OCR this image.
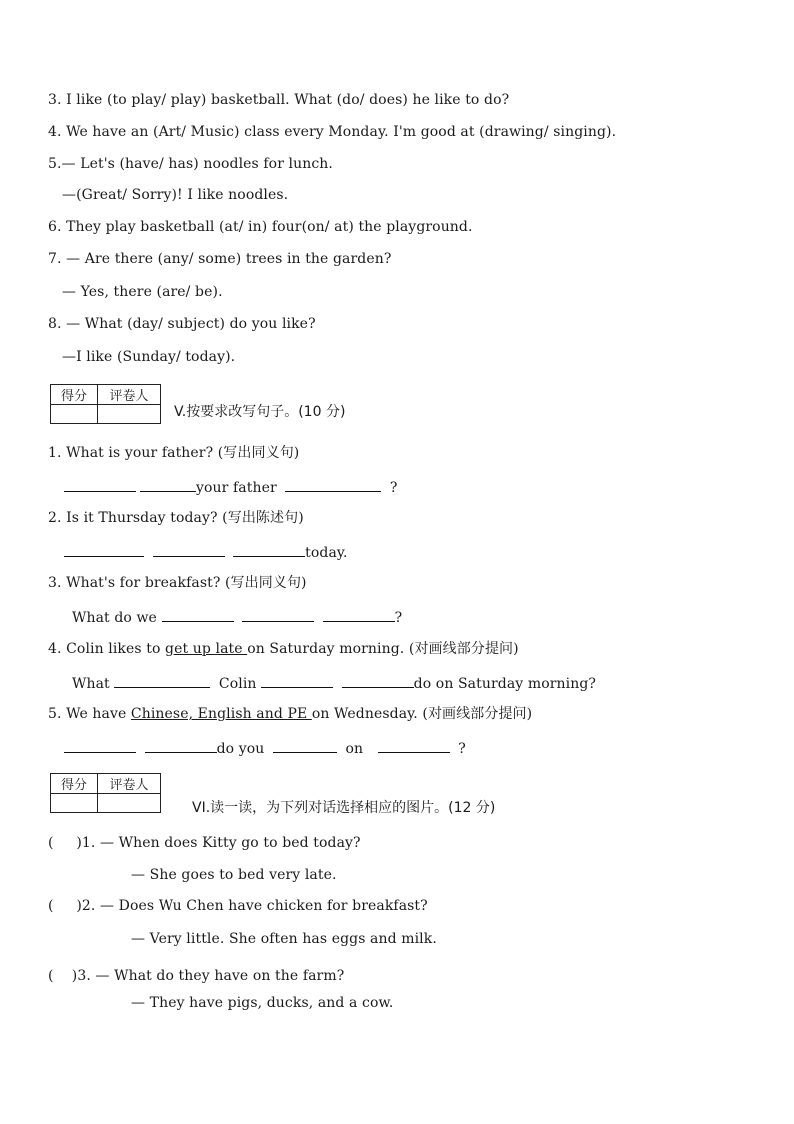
3. I like (to play/ play) basketball. What (do/ does) he like to do?
4. We have an (Art/ Music) class every Monday. I'm good at (drawing/ singing).
5.— Let's (have/ has) noodles for lunch.
—(Great/ Sorry)! I like noodles.
6. They play basketball (at/ in) four(on/ at) the playground.
7. — Are there (any/ some) trees in the garden?
— Yes, there (are/ be).
8. — What (day/ subject) do you like?
—I like (Sunday/ today).
得分	评卷人

V.按要求改写句子。(10 分)
1. What is your father? (写出同义句)
your father	?
2. Is it Thursday today? (写出陈述句)
today.
3. What's for breakfast? (写出同义句)
What do we	?
4. Colin likes to get up late on Saturday morning. (对画线部分提问)
What	Colin	do on Saturday morning?
5. We have Chinese, English and PE on Wednesday. (对画线部分提问)
do you	on	?
得分	评卷人

VI.读一读，为下列对话选择相应的图片。(12 分)
(     )1. — When does Kitty go to bed today?
— She goes to bed very late.
(     )2. — Does Wu Chen have chicken for breakfast?
— Very little. She often has eggs and milk.
(    )3. — What do they have on the farm?
— They have pigs, ducks, and a cow.
